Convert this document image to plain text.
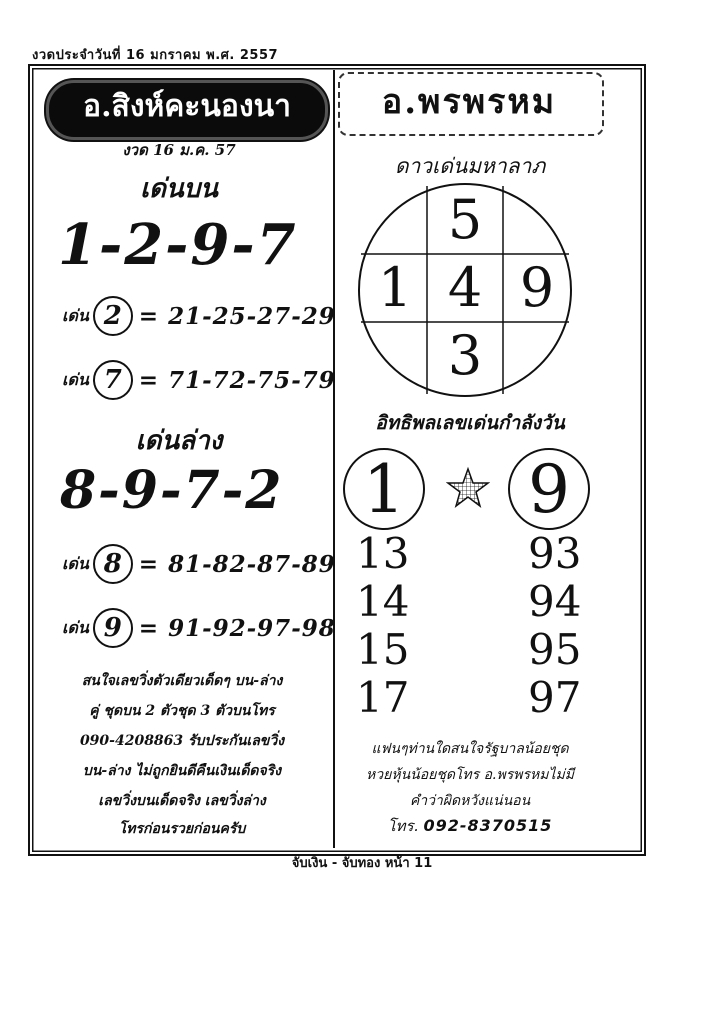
งวดประจำวันที่ 16 มกราคม พ.ศ. 2557
อ.สิงห์คะนองนา
งวด 16 ม.ค. 57
เด่นบน
1-2-9-7
เด่น 2 = 21-25-27-29
เด่น 7 = 71-72-75-79
เด่นล่าง
8-9-7-2
เด่น 8 = 81-82-87-89
เด่น 9 = 91-92-97-98
สนใจเลขวิ่งตัวเดียวเด็ดๆ บน-ล่าง
คู่ ชุดบน 2 ตัวชุด 3 ตัวบนโทร
090-4208863 รับประกันเลขวิ่ง
บน-ล่าง ไม่ถูกยินดีคืนเงินเด็ดจริง
เลขวิ่งบนเด็ดจริง เลขวิ่งล่าง
โทรก่อนรวยก่อนครับ
อ.พรพรหม
ดาวเด่นมหาลาภ
5
1 4 9
3
อิทธิพลเลขเด่นกำลังวัน
1	9
13
14
15
17
93
94
95
97
แฟนๆท่านใดสนใจรัฐบาลน้อยชุด
หวยหุ้นน้อยชุดโทร อ.พรพรหมไม่มี
คำว่าผิดหวังแน่นอน
โทร. 092-8370515
จับเงิน - จับทอง หน้า 11
